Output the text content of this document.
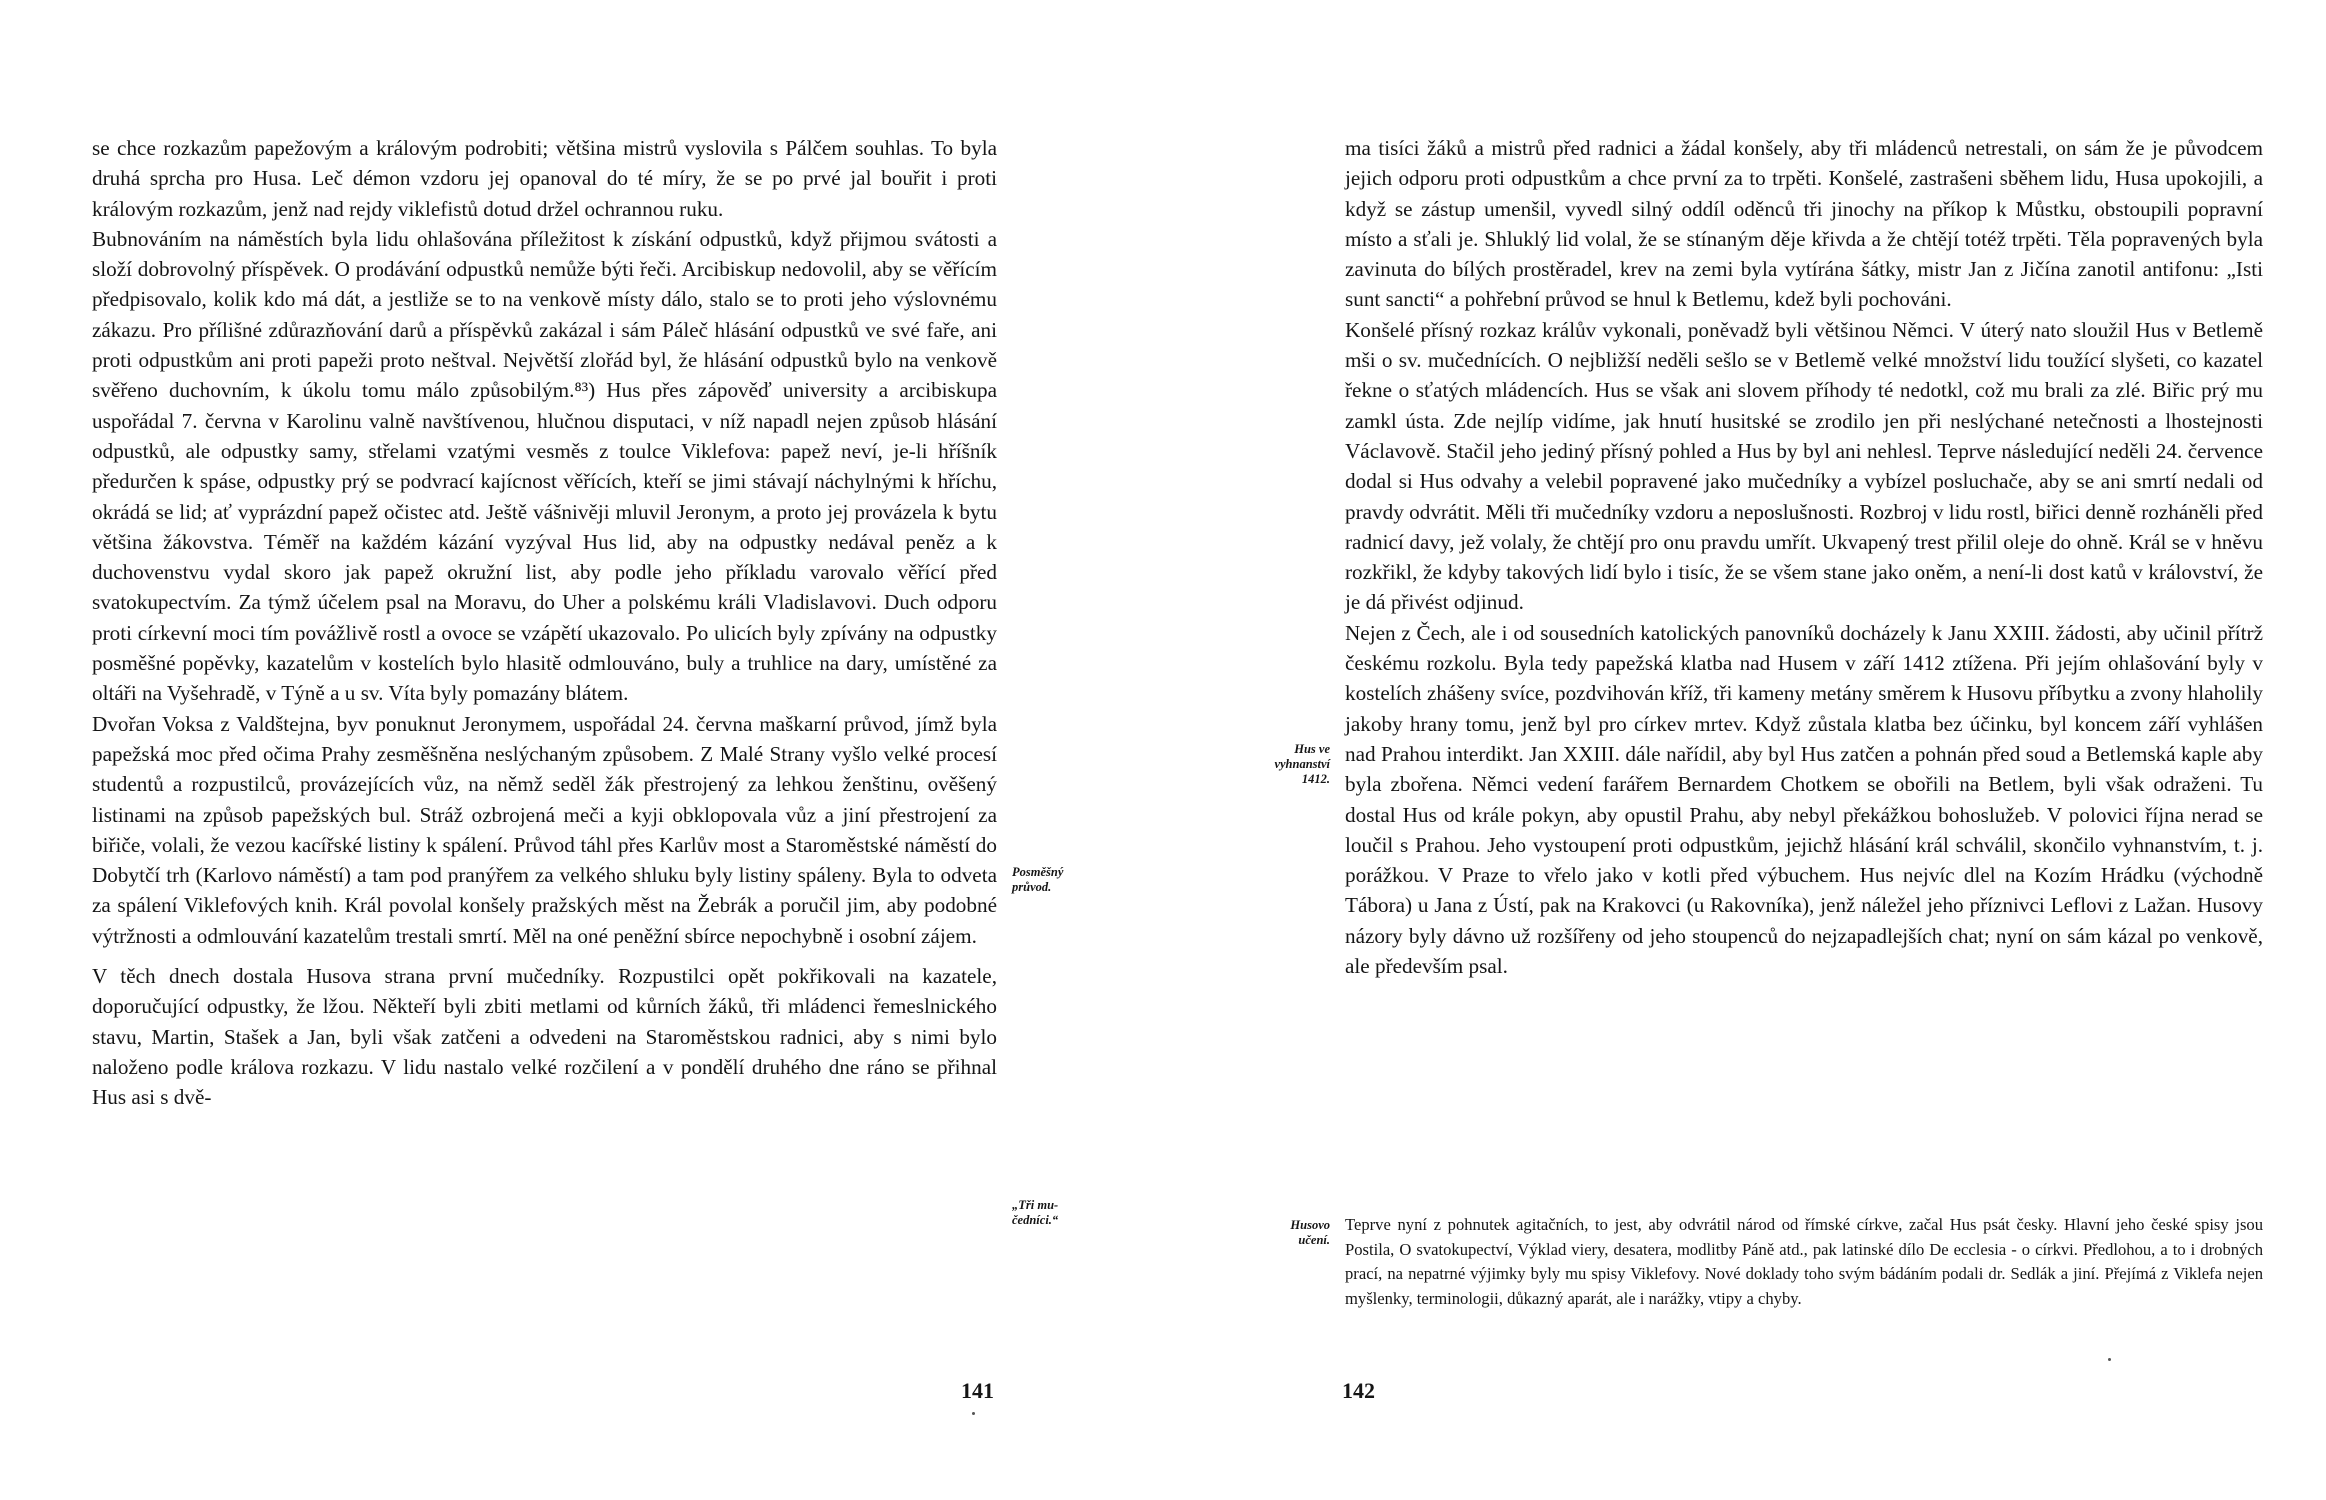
se chce rozkazům papežovým a královým podrobiti; většina mistrů vyslovila s Pálčem souhlas. To byla druhá sprcha pro Husa. Leč démon vzdoru jej opanoval do té míry, že se po prvé jal bouřit i proti královým rozkazům, jenž nad rejdy viklefistů dotud držel ochrannou ruku.

Bubnováním na náměstích byla lidu ohlašována příležitost k získání odpustků, když přijmou svátosti a složí dobrovolný příspěvek. O prodávání odpustků nemůže býti řeči. Arcibiskup nedovolil, aby se věřícím předpisovalo, kolik kdo má dát, a jestliže se to na venkově místy dálo, stalo se to proti jeho výslovnému zákazu. Pro přílišné zdůrazňování darů a příspěvků zakázal i sám Páleč hlásání odpustků ve své faře, ani proti odpustkům ani proti papeži proto neštval. Největší zlořád byl, že hlásání odpustků bylo na venkově svěřeno duchovním, k úkolu tomu málo způsobilým.⁸³) Hus přes zápověď university a arcibiskupa uspořádal 7. června v Karolinu valně navštívenou, hlučnou disputaci, v níž napadl nejen způsob hlásání odpustků, ale odpustky samy, střelami vzatými vesměs z toulce Viklefova: papež neví, je-li hříšník předurčen k spáse, odpustky prý se podvrací kajícnost věřících, kteří se jimi stávají náchylnými k hříchu, okrádá se lid; ať vyprázdní papež očistec atd. Ještě vášnivěji mluvil Jeronym, a proto jej provázela k bytu většina žákovstva. Téměř na každém kázání vyzýval Hus lid, aby na odpustky nedával peněz a k duchovenstvu vydal skoro jak papež okružní list, aby podle jeho příkladu varovalo věřící před svatokupectvím. Za týmž účelem psal na Moravu, do Uher a polskému králi Vladislavovi. Duch odporu proti církevní moci tím povážlivě rostl a ovoce se vzápětí ukazovalo. Po ulicích byly zpívány na odpustky posměšné popěvky, kazatelům v kostelích bylo hlasitě odmlouváno, buly a truhlice na dary, umístěné za oltáři na Vyšehradě, v Týně a u sv. Víta byly pomazány blátem.

Dvořan Voksa z Valdštejna, byv ponuknut Jeronymem, uspořádal 24. června maškarní průvod, jímž byla papežská moc před očima Prahy zesměšněna neslýchaným způsobem. Z Malé Strany vyšlo velké procesí studentů a rozpustilců, provázejících vůz, na němž seděl žák přestrojený za lehkou ženštinu, ověšený listinami na způsob papežských bul. Stráž ozbrojená meči a kyji obklopovala vůz a jiní přestrojení za biřiče, volali, že vezou kacířské listiny k spálení. Průvod táhl přes Karlův most a Staroměstské náměstí do Dobytčí trh (Karlovo náměstí) a tam pod pranýřem za velkého shluku byly listiny spáleny. Byla to odveta za spálení Viklefových knih. Král povolal konšely pražských měst na Žebrák a poručil jim, aby podobné výtržnosti a odmlouvání kazatelům trestali smrtí. Měl na oné peněžní sbírce nepochybně i osobní zájem.

V těch dnech dostala Husova strana první mučedníky. Rozpustilci opět pokřikovali na kazatele, doporučující odpustky, že lžou. Někteří byli zbiti metlami od kůrních žáků, tři mládenci řemeslnického stavu, Martin, Stašek a Jan, byli však zatčeni a odvedeni na Staroměstskou radnici, aby s nimi bylo naloženo podle králova rozkazu. V lidu nastalo velké rozčilení a v pondělí druhého dne ráno se přihnal Hus asi s dvě-

Posměšný
průvod.
„Tři mu-
čedníci.“
141

ma tisíci žáků a mistrů před radnici a žádal konšely, aby tři mládenců netrestali, on sám že je původcem jejich odporu proti odpustkům a chce první za to trpěti. Konšelé, zastrašeni sběhem lidu, Husa upokojili, a když se zástup umenšil, vyvedl silný oddíl oděnců tři jinochy na příkop k Můstku, obstoupili popravní místo a sťali je. Shluklý lid volal, že se stínaným děje křivda a že chtějí totéž trpěti. Těla popravených byla zavinuta do bílých prostěradel, krev na zemi byla vytírána šátky, mistr Jan z Jičína zanotil antifonu: „Isti sunt sancti“ a pohřební průvod se hnul k Betlemu, kdež byli pochováni.

Konšelé přísný rozkaz králův vykonali, poněvadž byli většinou Němci. V úterý nato sloužil Hus v Betlemě mši o sv. mučednících. O nejbližší neděli sešlo se v Betlemě velké množství lidu toužící slyšeti, co kazatel řekne o sťatých mládencích. Hus se však ani slovem příhody té nedotkl, což mu brali za zlé. Biřic prý mu zamkl ústa. Zde nejlíp vidíme, jak hnutí husitské se zrodilo jen při neslýchané netečnosti a lhostejnosti Václavově. Stačil jeho jediný přísný pohled a Hus by byl ani nehlesl. Teprve následující neděli 24. července dodal si Hus odvahy a velebil popravené jako mučedníky a vybízel posluchače, aby se ani smrtí nedali od pravdy odvrátit. Měli tři mučedníky vzdoru a neposlušnosti. Rozbroj v lidu rostl, biřici denně rozháněli před radnicí davy, jež volaly, že chtějí pro onu pravdu umřít. Ukvapený trest přilil oleje do ohně. Král se v hněvu rozkřikl, že kdyby takových lidí bylo i tisíc, že se všem stane jako oněm, a není-li dost katů v království, že je dá přivést odjinud.

Nejen z Čech, ale i od sousedních katolických panovníků docházely k Janu XXIII. žádosti, aby učinil přítrž českému rozkolu. Byla tedy papežská klatba nad Husem v září 1412 ztížena. Při jejím ohlašování byly v kostelích zhášeny svíce, pozdvihován kříž, tři kameny metány směrem k Husovu příbytku a zvony hlaholily jakoby hrany tomu, jenž byl pro církev mrtev. Když zůstala klatba bez účinku, byl koncem září vyhlášen nad Prahou interdikt. Jan XXIII. dále nařídil, aby byl Hus zatčen a pohnán před soud a Betlemská kaple aby byla zbořena. Němci vedení farářem Bernardem Chotkem se obořili na Betlem, byli však odraženi. Tu dostal Hus od krále pokyn, aby opustil Prahu, aby nebyl překážkou bohoslužeb. V polovici října nerad se loučil s Prahou. Jeho vystoupení proti odpustkům, jejichž hlásání král schválil, skončilo vyhnanstvím, t. j. porážkou. V Praze to vřelo jako v kotli před výbuchem. Hus nejvíc dlel na Kozím Hrádku (východně Tábora) u Jana z Ústí, pak na Krakovci (u Rakovníka), jenž náležel jeho příznivci Leflovi z Lažan. Husovy názory byly dávno už rozšířeny od jeho stoupenců do nejzapadlejších chat; nyní on sám kázal po venkově, ale především psal.

Teprve nyní z pohnutek agitačních, to jest, aby odvrátil národ od římské církve, začal Hus psát česky. Hlavní jeho české spisy jsou Postila, O svatokupectví, Výklad viery, desatera, modlitby Páně atd., pak latinské dílo De ecclesia - o církvi. Předlohou, a to i drobných prací, na nepatrné výjimky byly mu spisy Viklefovy. Nové doklady toho svým bádáním podali dr. Sedlák a jiní. Přejímá z Viklefa nejen myšlenky, terminologii, důkazný aparát, ale i narážky, vtipy a chyby.

Hus ve
vyhnanství
1412.
Husovo
učení.
142
